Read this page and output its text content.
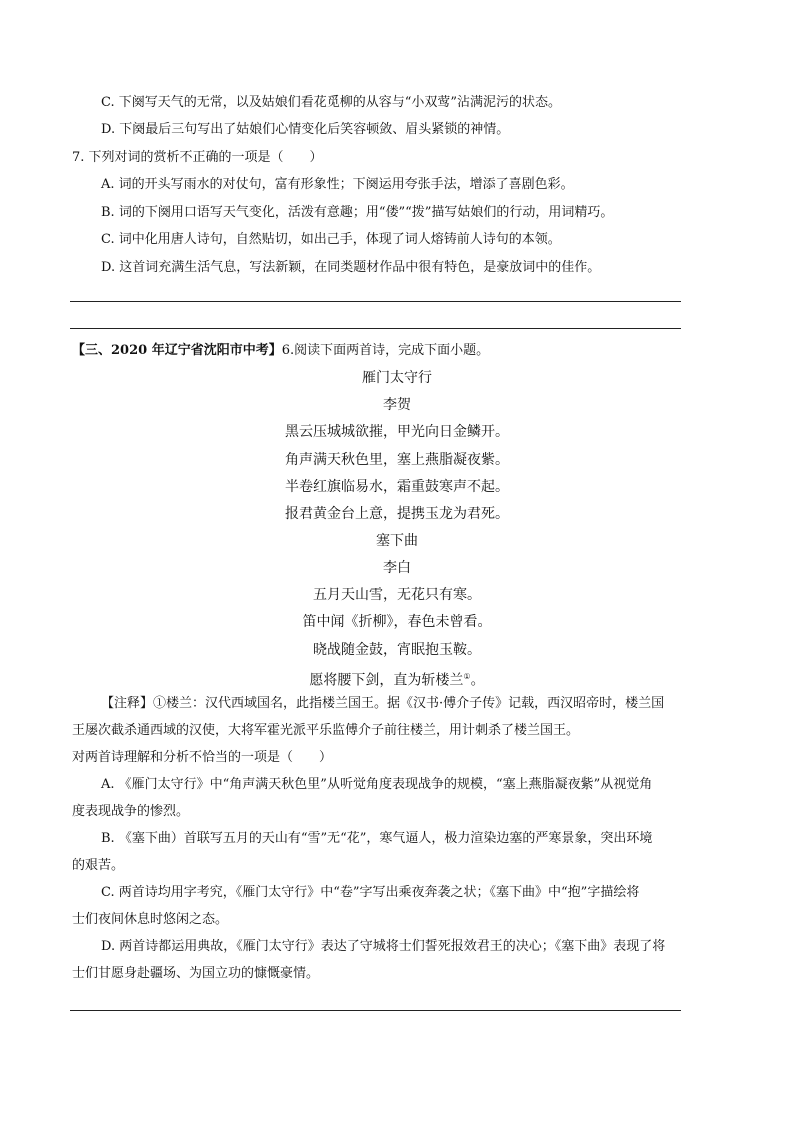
C. 下阕写天气的无常，以及姑娘们看花觅柳的从容与“小双莺”沾满泥污的状态。
D. 下阕最后三句写出了姑娘们心情变化后笑容顿敛、眉头紧锁的神情。
7. 下列对词的赏析不正确的一项是（　　）
A. 词的开头写雨水的对仗句，富有形象性；下阕运用夸张手法，增添了喜剧色彩。
B. 词的下阕用口语写天气变化，活泼有意趣；用“偻”“拨”描写姑娘们的行动，用词精巧。
C. 词中化用唐人诗句，自然贴切，如出己手，体现了词人熔铸前人诗句的本领。
D. 这首词充满生活气息，写法新颖，在同类题材作品中很有特色，是豪放词中的佳作。
【三、2020 年辽宁省沈阳市中考】6.阅读下面两首诗，完成下面小题。
雁门太守行
李贺
黑云压城城欲摧，甲光向日金鳞开。
角声满天秋色里，塞上燕脂凝夜紫。
半卷红旗临易水，霜重鼓寒声不起。
报君黄金台上意，提携玉龙为君死。
塞下曲
李白
五月天山雪，无花只有寒。
笛中闻《折柳》，春色未曾看。
晓战随金鼓，宵眠抱玉鞍。
愿将腰下剑，直为斩楼兰①。
【注释】①楼兰：汉代西域国名，此指楼兰国王。据《汉书·傅介子传》记载，西汉昭帝时，楼兰国
王屡次截杀通西域的汉使，大将军霍光派平乐监傅介子前往楼兰，用计刺杀了楼兰国王。
对两首诗理解和分析不恰当的一项是（　　）
A. 《雁门太守行》中“角声满天秋色里”从听觉角度表现战争的规模，“塞上燕脂凝夜紫”从视觉角
度表现战争的惨烈。
B. 《塞下曲）首联写五月的天山有“雪”无“花”，寒气逼人，极力渲染边塞的严寒景象，突出环境
的艰苦。
C. 两首诗均用字考究，《雁门太守行》中“卷”字写出乘夜奔袭之状；《塞下曲》中“抱”字描绘将
士们夜间休息时悠闲之态。
D. 两首诗都运用典故，《雁门太守行》表达了守城将士们誓死报效君王的决心；《塞下曲》表现了将
士们甘愿身赴疆场、为国立功的慷慨豪情。
